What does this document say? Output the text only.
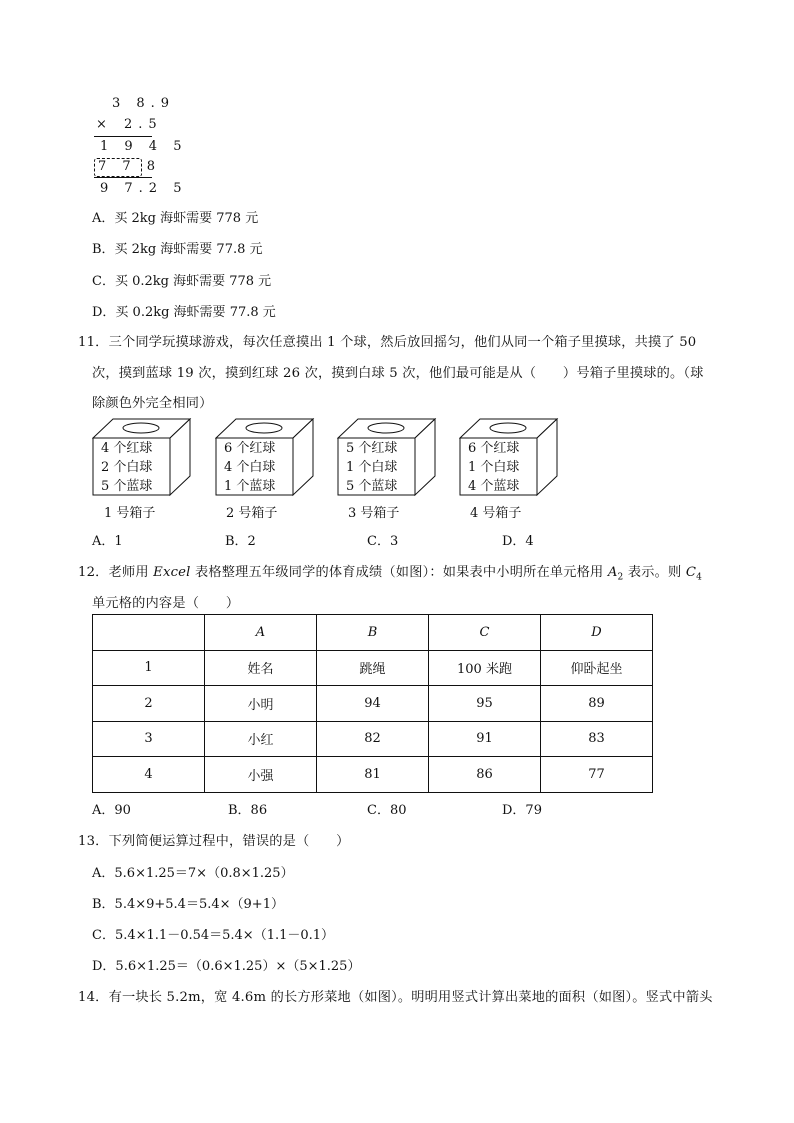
3 8.9
× 2.5
1 9 4 5
7 7 8
9 7.2 5
A．买 2kg 海虾需要 778 元
B．买 2kg 海虾需要 77.8 元
C．买 0.2kg 海虾需要 778 元
D．买 0.2kg 海虾需要 77.8 元
11．三个同学玩摸球游戏，每次任意摸出 1 个球，然后放回摇匀，他们从同一个箱子里摸球，共摸了 50
次，摸到蓝球 19 次，摸到红球 26 次，摸到白球 5 次，他们最可能是从（　　）号箱子里摸球的。（球
除颜色外完全相同）
4 个红球
2 个白球
5 个蓝球
1 号箱子
6 个红球
4 个白球
1 个蓝球
2 号箱子
5 个红球
1 个白球
5 个蓝球
3 号箱子
6 个红球
1 个白球
4 个蓝球
4 号箱子
A．1	B．2	C．3	D．4
12．老师用 Excel 表格整理五年级同学的体育成绩（如图）：如果表中小明所在单元格用 $A_2$ 表示。则 $C_4$
单元格的内容是（　　）
	A	B	C	D
1	姓名	跳绳	100 米跑	仰卧起坐
2	小明	94	95	89
3	小红	82	91	83
4	小强	81	86	77
A．90	B．86	C．80	D．79
13．下列简便运算过程中，错误的是（　　）
A．5.6×1.25＝7×（0.8×1.25）
B．5.4×9+5.4＝5.4×（9+1）
C．5.4×1.1－0.54＝5.4×（1.1－0.1）
D．5.6×1.25＝（0.6×1.25）×（5×1.25）
14．有一块长 5.2m，宽 4.6m 的长方形菜地（如图）。明明用竖式计算出菜地的面积（如图）。竖式中箭头
